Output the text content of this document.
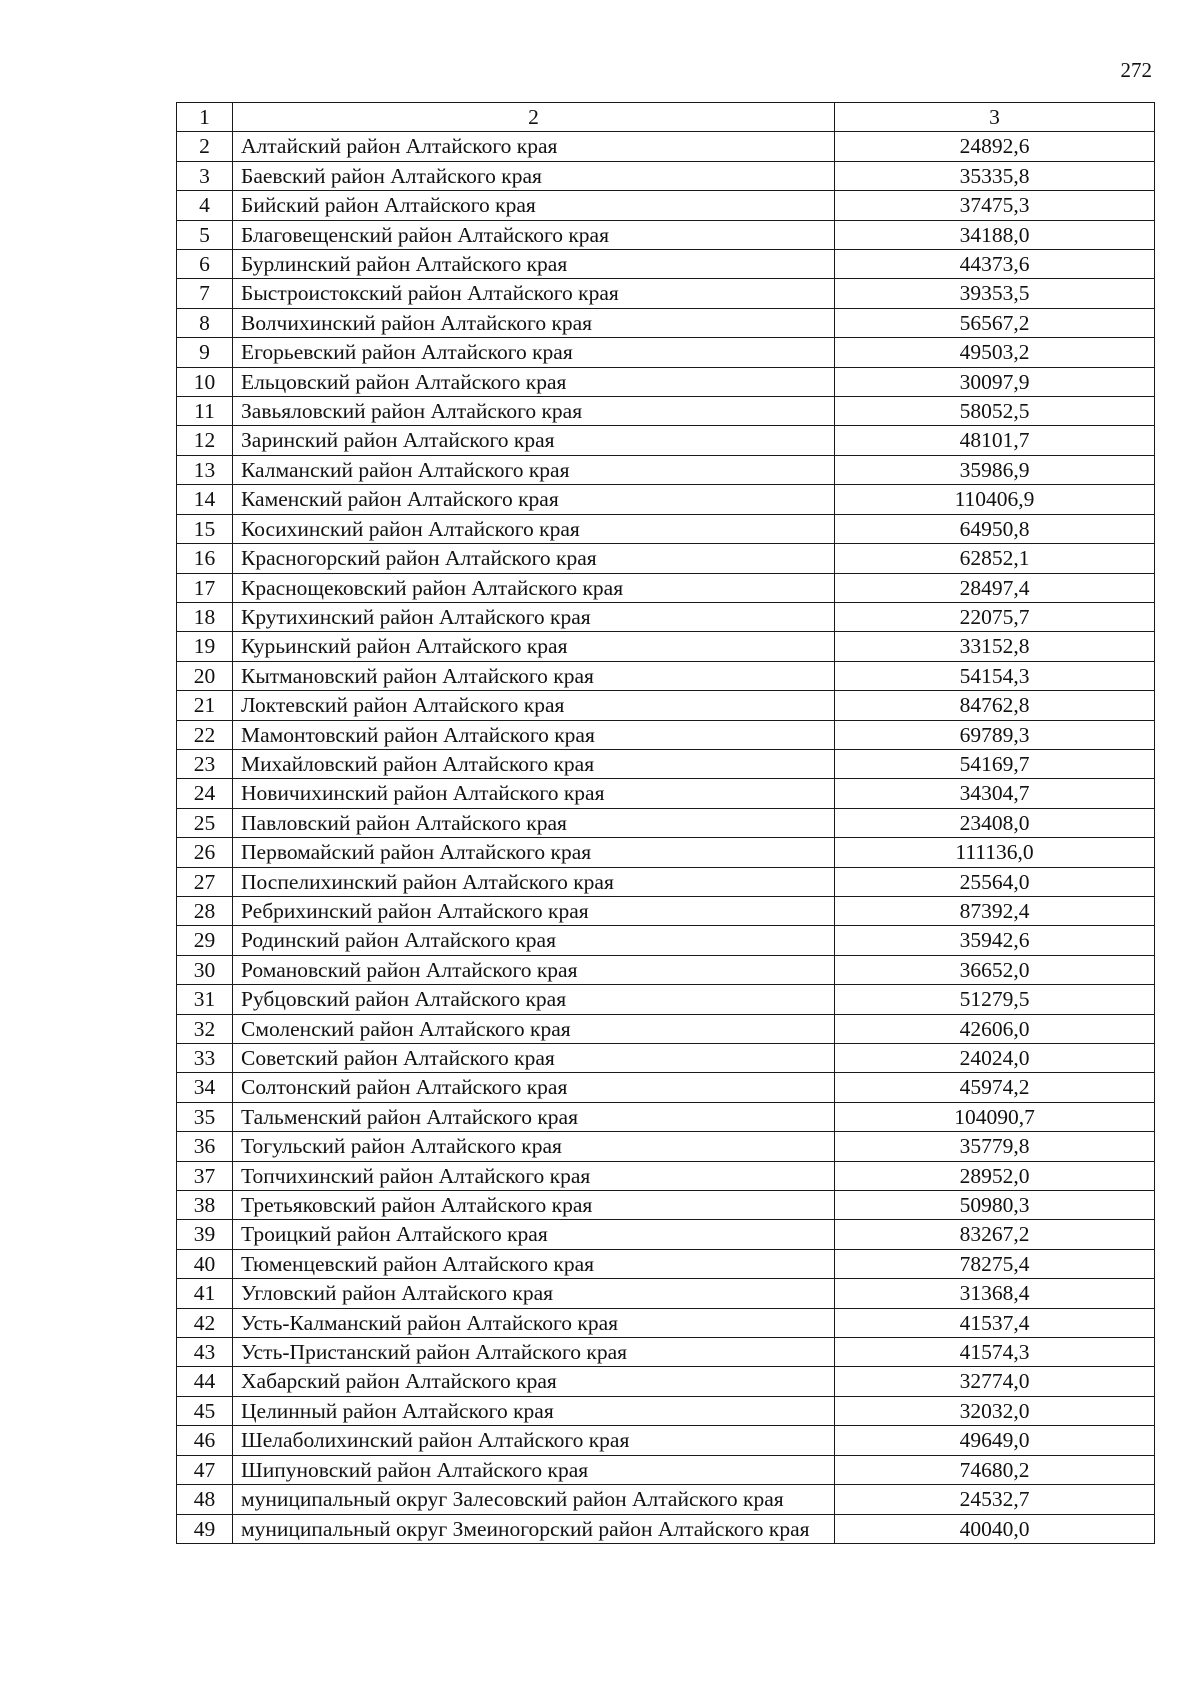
272
1	2	3
2	Алтайский район Алтайского края	24892,6
3	Баевский район Алтайского края	35335,8
4	Бийский район Алтайского края	37475,3
5	Благовещенский район Алтайского края	34188,0
6	Бурлинский район Алтайского края	44373,6
7	Быстроистокский район Алтайского края	39353,5
8	Волчихинский район Алтайского края	56567,2
9	Егорьевский район Алтайского края	49503,2
10	Ельцовский район Алтайского края	30097,9
11	Завьяловский район Алтайского края	58052,5
12	Заринский район Алтайского края	48101,7
13	Калманский район Алтайского края	35986,9
14	Каменский район Алтайского края	110406,9
15	Косихинский район Алтайского края	64950,8
16	Красногорский район Алтайского края	62852,1
17	Краснощековский район Алтайского края	28497,4
18	Крутихинский район Алтайского края	22075,7
19	Курьинский район Алтайского края	33152,8
20	Кытмановский район Алтайского края	54154,3
21	Локтевский район Алтайского края	84762,8
22	Мамонтовский район Алтайского края	69789,3
23	Михайловский район Алтайского края	54169,7
24	Новичихинский район Алтайского края	34304,7
25	Павловский район Алтайского края	23408,0
26	Первомайский район Алтайского края	111136,0
27	Поспелихинский район Алтайского края	25564,0
28	Ребрихинский район Алтайского края	87392,4
29	Родинский район Алтайского края	35942,6
30	Романовский район Алтайского края	36652,0
31	Рубцовский район Алтайского края	51279,5
32	Смоленский район Алтайского края	42606,0
33	Советский район Алтайского края	24024,0
34	Солтонский район Алтайского края	45974,2
35	Тальменский район Алтайского края	104090,7
36	Тогульский район Алтайского края	35779,8
37	Топчихинский район Алтайского края	28952,0
38	Третьяковский район Алтайского края	50980,3
39	Троицкий район Алтайского края	83267,2
40	Тюменцевский район Алтайского края	78275,4
41	Угловский район Алтайского края	31368,4
42	Усть-Калманский район Алтайского края	41537,4
43	Усть-Пристанский район Алтайского края	41574,3
44	Хабарский район Алтайского края	32774,0
45	Целинный район Алтайского края	32032,0
46	Шелаболихинский район Алтайского края	49649,0
47	Шипуновский район Алтайского края	74680,2
48	муниципальный округ Залесовский район Алтайского края	24532,7
49	муниципальный округ Змеиногорский район Алтайского края	40040,0
